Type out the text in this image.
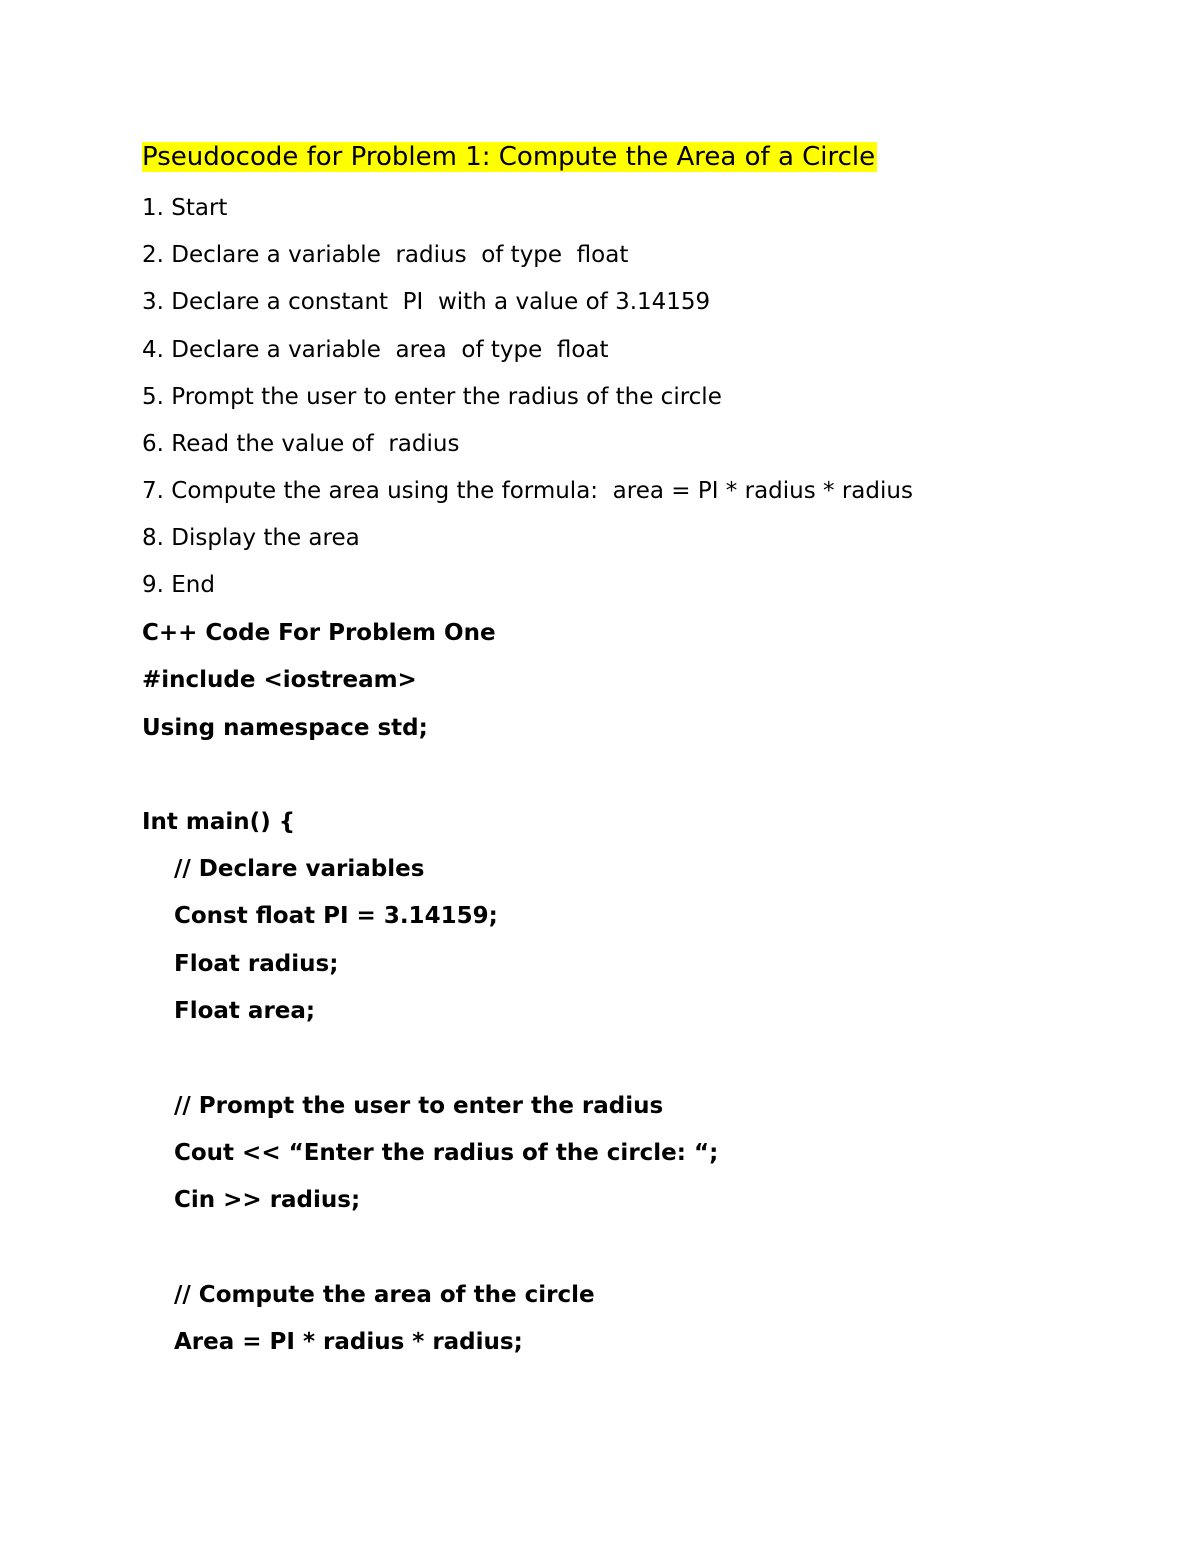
Pseudocode for Problem 1: Compute the Area of a Circle
1. Start
2. Declare a variable  radius  of type  float
3. Declare a constant  PI  with a value of 3.14159
4. Declare a variable  area  of type  float
5. Prompt the user to enter the radius of the circle
6. Read the value of  radius
7. Compute the area using the formula:  area = PI * radius * radius
8. Display the area
9. End
C++ Code For Problem One
#include <iostream>
Using namespace std;
Int main() {
// Declare variables
Const float PI = 3.14159;
Float radius;
Float area;
// Prompt the user to enter the radius
Cout << “Enter the radius of the circle: “;
Cin >> radius;
// Compute the area of the circle
Area = PI * radius * radius;
